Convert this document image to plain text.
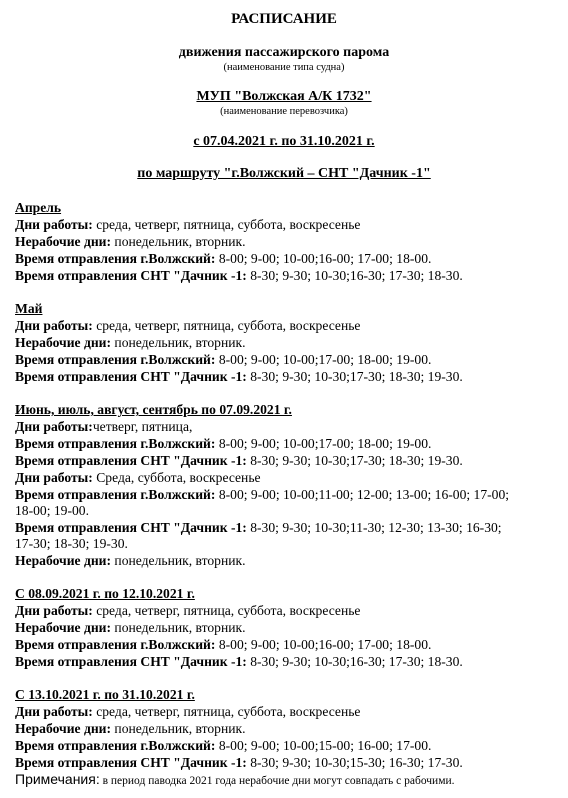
РАСПИСАНИЕ
движения пассажирского парома
(наименование типа судна)
МУП "Волжская А/К 1732"
(наименование перевозчика)
с 07.04.2021 г. по 31.10.2021 г.
по маршруту "г.Волжский – СНТ "Дачник -1"
Апрель
Дни работы: среда, четверг, пятница, суббота, воскресенье
Нерабочие дни: понедельник, вторник.
Время отправления г.Волжский: 8-00; 9-00; 10-00;16-00; 17-00; 18-00.
Время отправления СНТ "Дачник -1: 8-30; 9-30; 10-30;16-30; 17-30; 18-30.
Май
Дни работы: среда, четверг, пятница, суббота, воскресенье
Нерабочие дни: понедельник, вторник.
Время отправления г.Волжский: 8-00; 9-00; 10-00;17-00; 18-00; 19-00.
Время отправления СНТ "Дачник -1: 8-30; 9-30; 10-30;17-30; 18-30; 19-30.
Июнь, июль, август, сентябрь по 07.09.2021 г.
Дни работы:четверг, пятница,
Время отправления г.Волжский: 8-00; 9-00; 10-00;17-00; 18-00; 19-00.
Время отправления СНТ "Дачник -1: 8-30; 9-30; 10-30;17-30; 18-30; 19-30.
Дни работы: Среда, суббота, воскресенье
Время отправления г.Волжский: 8-00; 9-00; 10-00;11-00; 12-00; 13-00; 16-00; 17-00;
18-00; 19-00.
Время отправления СНТ "Дачник -1: 8-30; 9-30; 10-30;11-30; 12-30; 13-30; 16-30;
17-30; 18-30; 19-30.
Нерабочие дни: понедельник, вторник.
С 08.09.2021 г. по 12.10.2021 г.
Дни работы: среда, четверг, пятница, суббота, воскресенье
Нерабочие дни: понедельник, вторник.
Время отправления г.Волжский: 8-00; 9-00; 10-00;16-00; 17-00; 18-00.
Время отправления СНТ "Дачник -1: 8-30; 9-30; 10-30;16-30; 17-30; 18-30.
С 13.10.2021 г. по 31.10.2021 г.
Дни работы: среда, четверг, пятница, суббота, воскресенье
Нерабочие дни: понедельник, вторник.
Время отправления г.Волжский: 8-00; 9-00; 10-00;15-00; 16-00; 17-00.
Время отправления СНТ "Дачник -1: 8-30; 9-30; 10-30;15-30; 16-30; 17-30.
Примечания: в период паводка 2021 года нерабочие дни могут совпадать с рабочими.
